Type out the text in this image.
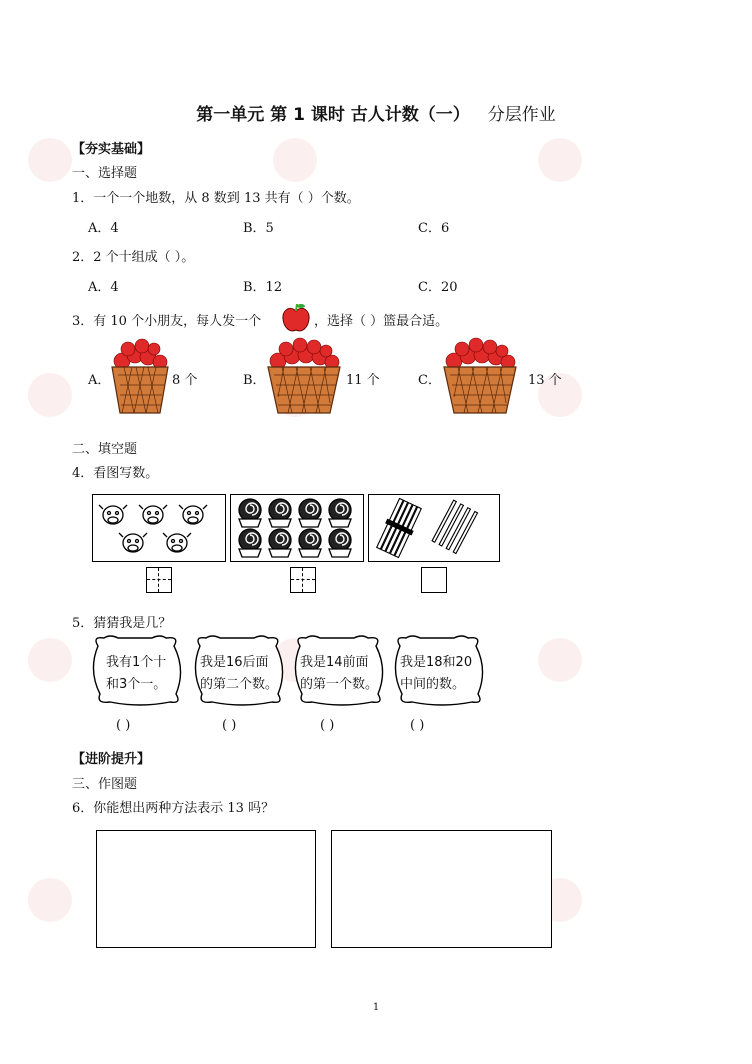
第一单元 第 1 课时 古人计数（一） 分层作业
【夯实基础】
一、选择题
1．一个一个地数，从 8 数到 13 共有（ ）个数。
A．4	B．5	C．6
2．2 个十组成（ ）。
A．4	B．12	C．20
3．有 10 个小朋友，每人发一个	，选择（ ）篮最合适。
A．	8 个	B．	11 个	C．	13 个
二、填空题
4．看图写数。
5．猜猜我是几？
我有1个十
和3个一。
我是16后面
的第二个数。
我是14前面
的第一个数。
我是18和20
中间的数。
( )	( )	( )	( )
【进阶提升】
三、作图题
6．你能想出两种方法表示 13 吗？
1
